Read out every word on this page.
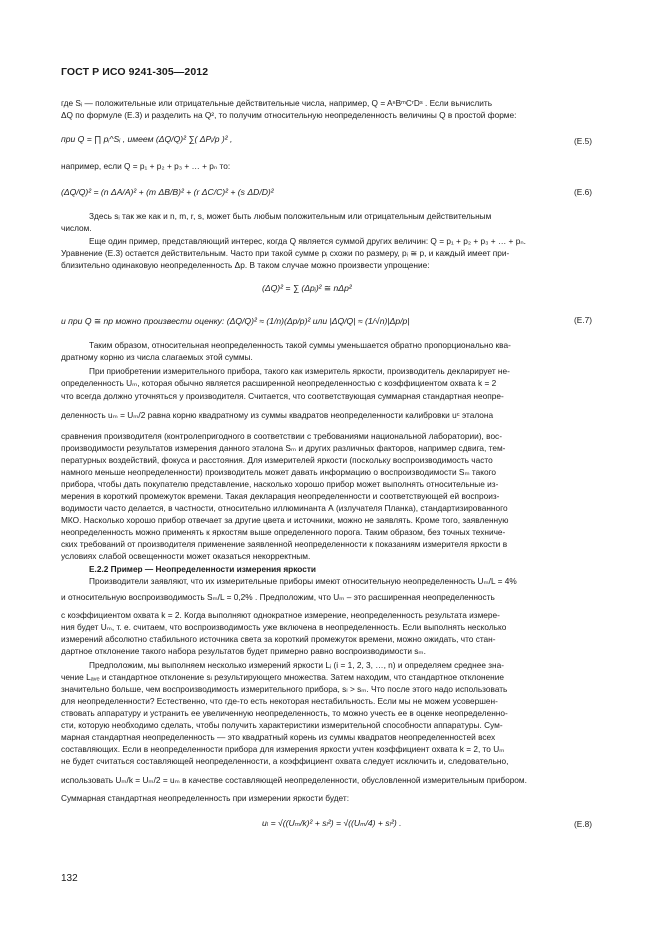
ГОСТ Р ИСО 9241-305—2012
где Sᵢ — положительные или отрицательные действительные числа, например, Q = AⁿBᵐCʳDˢ . Если вычислить
ΔQ по формуле (Е.3) и разделить на Q², то получим относительную неопределенность величины Q в простой форме:
при Q = ∏ pᵢ^Sᵢ , имеем (ΔQ/Q)² ∑( ΔPᵢ/p )² ,	(Е.5)
например, если Q = p₁ + p₂ + p₃ + … + pₙ то:
(ΔQ/Q)² = (n ΔA/A)² + (m ΔB/B)² + (r ΔC/C)² + (s ΔD/D)²	(Е.6)
Здесь sᵢ так же как и n, m, r, s, может быть любым положительным или отрицательным действительным
числом.
Еще один пример, представляющий интерес, когда Q является суммой других величин: Q = p₁ + p₂ + p₃ + … + pₙ.
Уравнение (Е.3) остается действительным. Часто при такой сумме pᵢ схожи по размеру, pᵢ ≅ p, и каждый имеет при-
близительно одинаковую неопределенность Δp. В таком случае можно произвести упрощение:
(ΔQ)² = ∑ (Δpᵢ)² ≅ nΔp²
и при Q ≅ np можно произвести оценку: (ΔQ/Q)² ≈ (1/n)(Δp/p)² или |ΔQ/Q| ≈ (1/√n)|Δp/p|	(Е.7)
Таким образом, относительная неопределенность такой суммы уменьшается обратно пропорционально ква-
дратному корню из числа слагаемых этой суммы.
При приобретении измерительного прибора, такого как измеритель яркости, производитель декларирует не-
определенность Uₘ, которая обычно является расширенной неопределенностью с коэффициентом охвата k = 2
что всегда должно уточняться у производителя. Считается, что соответствующая суммарная стандартная неопре-
деленность uₘ = Uₘ/2 равна корню квадратному из суммы квадратов неопределенности калибровки uᶜ эталона
сравнения производителя (контролепригодного в соответствии с требованиями национальной лаборатории), вос-
производимости результатов измерения данного эталона Sₘ и других различных факторов, например сдвига, тем-
пературных воздействий, фокуса и расстояния. Для измерителей яркости (поскольку воспроизводимость часто
намного меньше неопределенности) производитель может давать информацию о воспроизводимости Sₘ такого
прибора, чтобы дать покупателю представление, насколько хорошо прибор может выполнять относительные из-
мерения в короткий промежуток времени. Такая декларация неопределенности и соответствующей ей воспроиз-
водимости часто делается, в частности, относительно иллюминанта А (излучателя Планка), стандартизированного
МКО. Насколько хорошо прибор отвечает за другие цвета и источники, можно не заявлять. Кроме того, заявленную
неопределенность можно применять к яркостям выше определенного порога. Таким образом, без точных техниче-
ских требований от производителя применение заявленной неопределенности к показаниям измерителя яркости в
условиях слабой освещенности может оказаться некорректным.
Е.2.2 Пример — Неопределенности измерения яркости
Производители заявляют, что их измерительные приборы имеют относительную неопределенность Uₘ/L = 4%
и относительную воспроизводимость Sₘ/L = 0,2% . Предположим, что Uₘ – это расширенная неопределенность
с коэффициентом охвата k = 2. Когда выполняют однократное измерение, неопределенность результата измере-
ния будет Uₘ, т. е. считаем, что воспроизводимость уже включена в неопределенность. Если выполнять несколько
измерений абсолютно стабильного источника света за короткий промежуток времени, можно ожидать, что стан-
дартное отклонение такого набора результатов будет примерно равно воспроизводимости sₘ.
Предположим, мы выполняем несколько измерений яркости Lᵢ (i = 1, 2, 3, …, n) и определяем среднее зна-
чение Lₐᵥₑ и стандартное отклонение sₗ результирующего множества. Затем находим, что стандартное отклонение
значительно больше, чем воспроизводимость измерительного прибора, sₗ > sₘ. Что после этого надо использовать
для неопределенности? Естественно, что где-то есть некоторая нестабильность. Если мы не можем усовершен-
ствовать аппаратуру и устранить ее увеличенную неопределенность, то можно учесть ее в оценке неопределенно-
сти, которую необходимо сделать, чтобы получить характеристики измерительной способности аппаратуры. Сум-
марная стандартная неопределенность — это квадратный корень из суммы квадратов неопределенностей всех
составляющих. Если в неопределенности прибора для измерения яркости учтен коэффициент охвата k = 2, то Uₘ
не будет считаться составляющей неопределенности, а коэффициент охвата следует исключить и, следовательно,
использовать Uₘ/k = Uₘ/2 = uₘ в качестве составляющей неопределенности, обусловленной измерительным прибором.
Суммарная стандартная неопределенность при измерении яркости будет:
uₗ = √((Uₘ/k)² + sₗ²) = √((Uₘ/4) + sₗ²) .	(Е.8)
132
